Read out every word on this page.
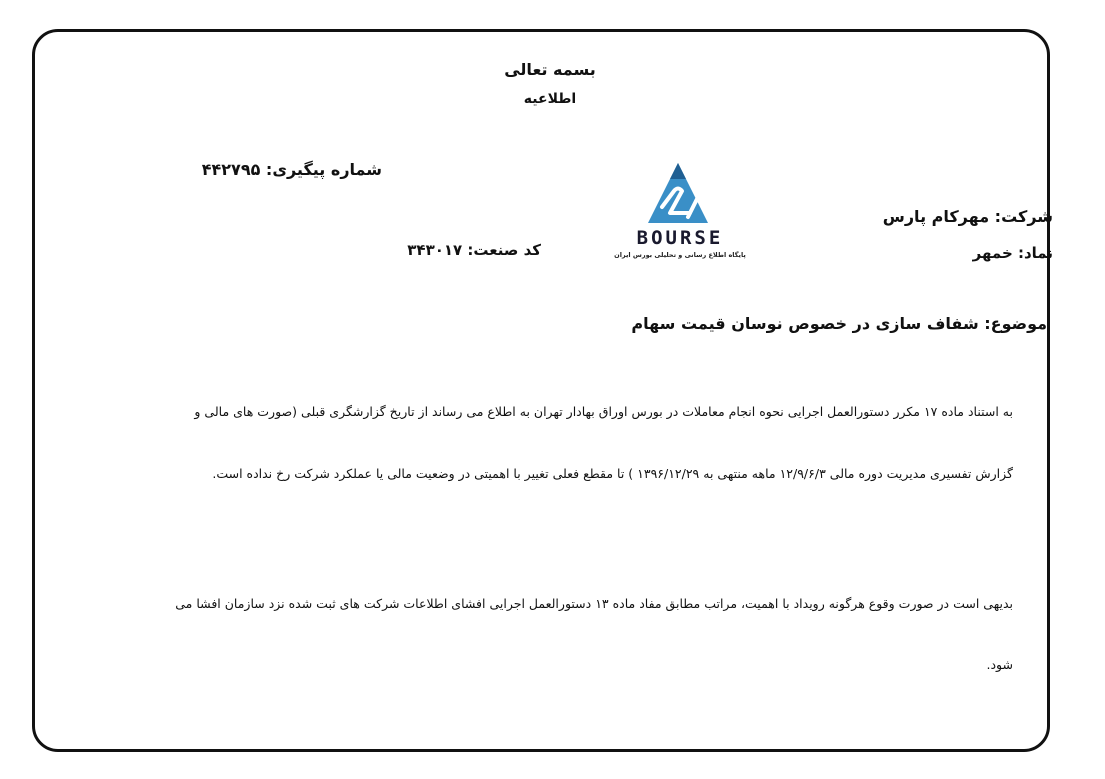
بسمه تعالی
اطلاعیه
شماره پیگیری: ۴۴۲۷۹۵
کد صنعت: ۳۴۳۰۱۷
شرکت: مهرکام پارس
نماد: خمهر
BOURSE
پایگاه اطلاع رسانی و تحلیلی بورس ایران
موضوع: شفاف سازی در خصوص نوسان قیمت سهام
به استناد ماده ۱۷ مکرر دستورالعمل اجرایی نحوه انجام معاملات در بورس اوراق بهادار تهران به اطلاع می رساند از تاریخ گزارشگری قبلی (صورت های مالی و
گزارش تفسیری مدیریت دوره مالی ۱۲/۹/۶/۳ ماهه منتهی به ۱۳۹۶/۱۲/۲۹ ) تا مقطع فعلی تغییر با اهمیتی در وضعیت مالی یا عملکرد شرکت رخ نداده است.
بدیهی است در صورت وقوع هرگونه رویداد با اهمیت، مراتب مطابق مفاد ماده ۱۳ دستورالعمل اجرایی افشای اطلاعات شرکت های ثبت شده نزد سازمان افشا می
شود.
